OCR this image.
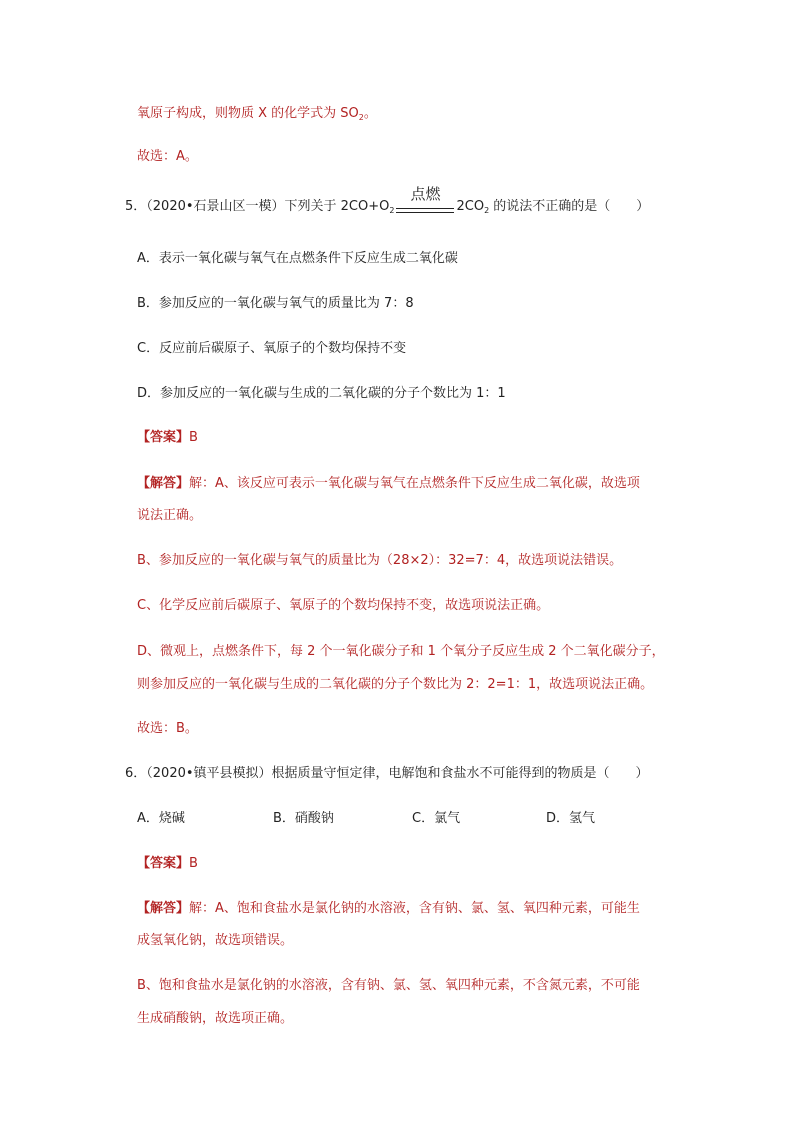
氧原子构成，则物质 X 的化学式为 $SO_2$。
故选：A。
5．（2020•石景山区一模）下列关于 $2CO+O_2$
点燃
$2CO_2$ 的说法不正确的是（　　）
A．表示一氧化碳与氧气在点燃条件下反应生成二氧化碳
B．参加反应的一氧化碳与氧气的质量比为 7：8
C．反应前后碳原子、氧原子的个数均保持不变
D．参加反应的一氧化碳与生成的二氧化碳的分子个数比为 1：1
【答案】B
【解答】解：A、该反应可表示一氧化碳与氧气在点燃条件下反应生成二氧化碳，故选项
说法正确。
B、参加反应的一氧化碳与氧气的质量比为（28×2）：32=7：4，故选项说法错误。
C、化学反应前后碳原子、氧原子的个数均保持不变，故选项说法正确。
D、微观上，点燃条件下，每 2 个一氧化碳分子和 1 个氧分子反应生成 2 个二氧化碳分子，
则参加反应的一氧化碳与生成的二氧化碳的分子个数比为 2：2=1：1，故选项说法正确。
故选：B。
6．（2020•镇平县模拟）根据质量守恒定律，电解饱和食盐水不可能得到的物质是（　　）
A．烧碱	B．硝酸钠	C．氯气	D．氢气
【答案】B
【解答】解：A、饱和食盐水是氯化钠的水溶液，含有钠、氯、氢、氧四种元素，可能生
成氢氧化钠，故选项错误。
B、饱和食盐水是氯化钠的水溶液，含有钠、氯、氢、氧四种元素，不含氮元素，不可能
生成硝酸钠，故选项正确。
